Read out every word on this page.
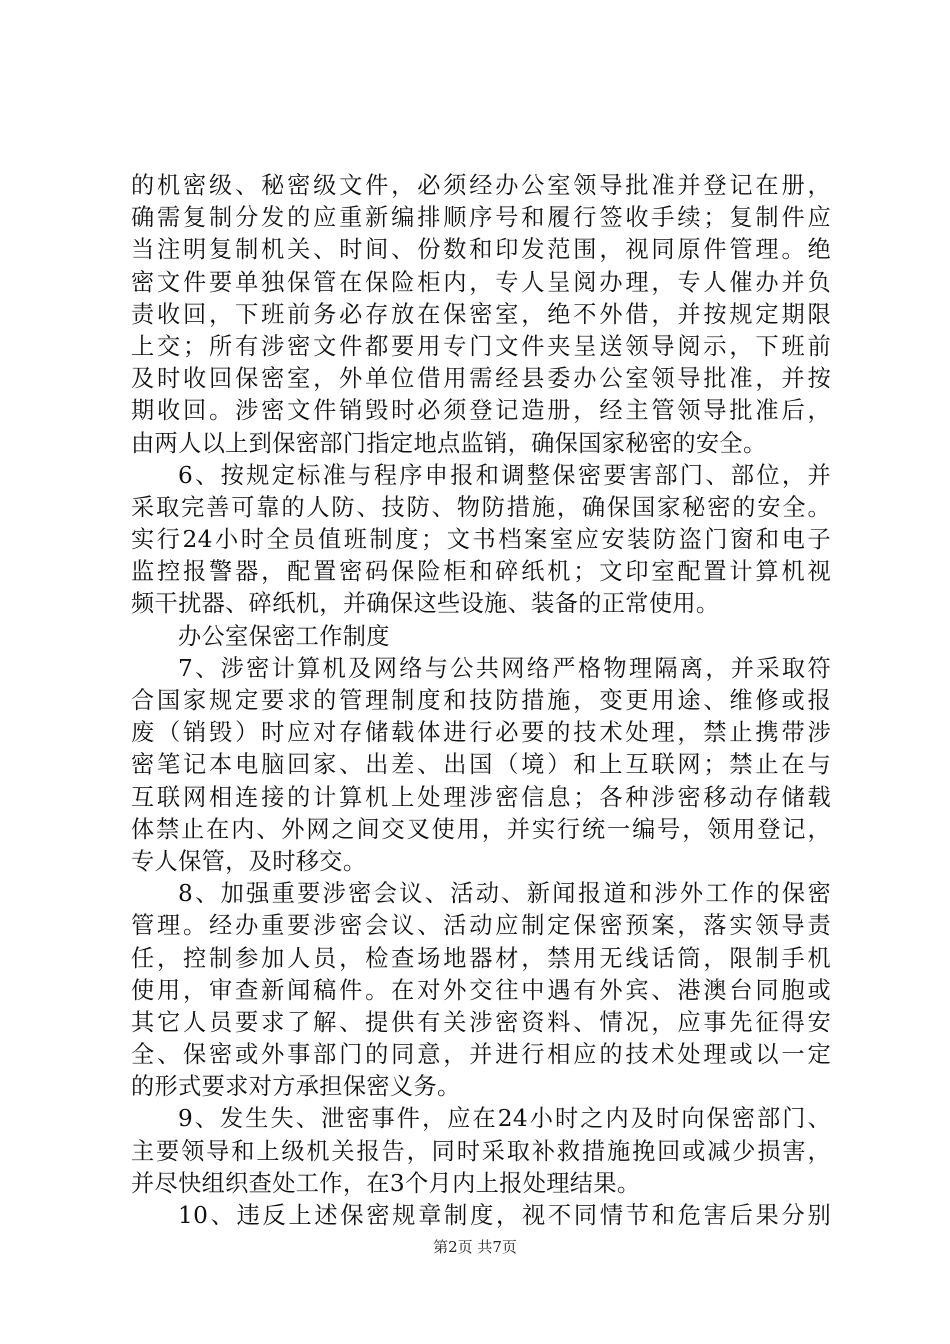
的机密级、秘密级文件，必须经办公室领导批准并登记在册，
确需复制分发的应重新编排顺序号和履行签收手续；复制件应
当注明复制机关、时间、份数和印发范围，视同原件管理。绝
密文件要单独保管在保险柜内，专人呈阅办理，专人催办并负
责收回，下班前务必存放在保密室，绝不外借，并按规定期限
上交；所有涉密文件都要用专门文件夹呈送领导阅示，下班前
及时收回保密室，外单位借用需经县委办公室领导批准，并按
期收回。涉密文件销毁时必须登记造册，经主管领导批准后，
由两人以上到保密部门指定地点监销，确保国家秘密的安全。
6、按规定标准与程序申报和调整保密要害部门、部位，并
采取完善可靠的人防、技防、物防措施，确保国家秘密的安全。
实行24小时全员值班制度；文书档案室应安装防盗门窗和电子
监控报警器，配置密码保险柜和碎纸机；文印室配置计算机视
频干扰器、碎纸机，并确保这些设施、装备的正常使用。
办公室保密工作制度
7、涉密计算机及网络与公共网络严格物理隔离，并采取符
合国家规定要求的管理制度和技防措施，变更用途、维修或报
废（销毁）时应对存储载体进行必要的技术处理，禁止携带涉
密笔记本电脑回家、出差、出国（境）和上互联网；禁止在与
互联网相连接的计算机上处理涉密信息；各种涉密移动存储载
体禁止在内、外网之间交叉使用，并实行统一编号，领用登记，
专人保管，及时移交。
8、加强重要涉密会议、活动、新闻报道和涉外工作的保密
管理。经办重要涉密会议、活动应制定保密预案，落实领导责
任，控制参加人员，检查场地器材，禁用无线话筒，限制手机
使用，审查新闻稿件。在对外交往中遇有外宾、港澳台同胞或
其它人员要求了解、提供有关涉密资料、情况，应事先征得安
全、保密或外事部门的同意，并进行相应的技术处理或以一定
的形式要求对方承担保密义务。
9、发生失、泄密事件，应在24小时之内及时向保密部门、
主要领导和上级机关报告，同时采取补救措施挽回或减少损害，
并尽快组织查处工作，在3个月内上报处理结果。
10、违反上述保密规章制度，视不同情节和危害后果分别
第2页 共7页
